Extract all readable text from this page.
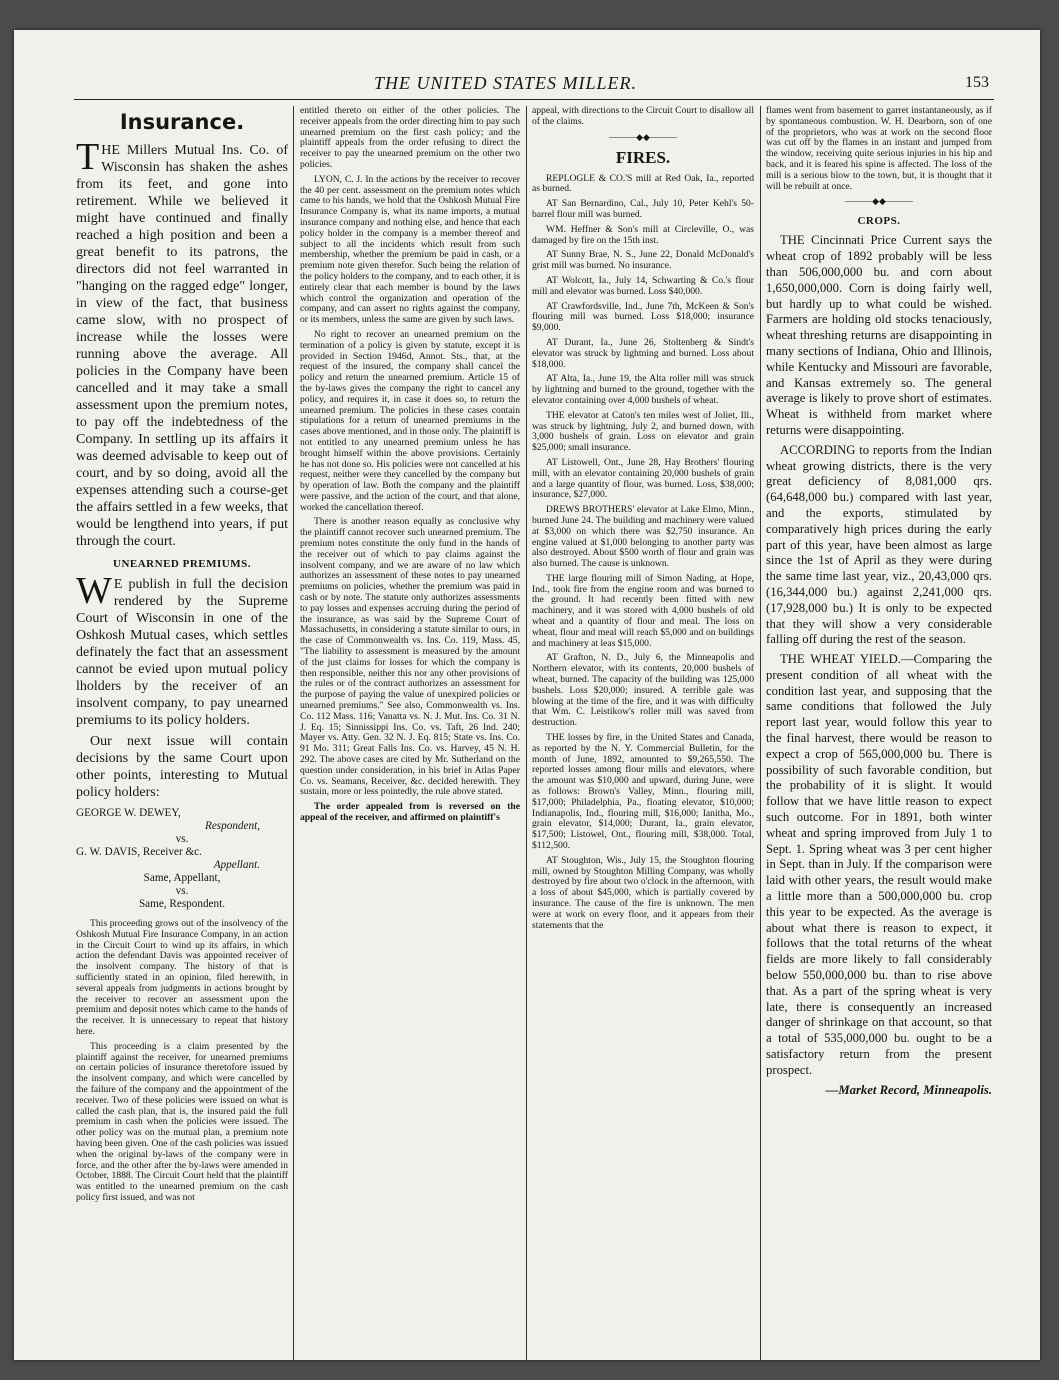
THE UNITED STATES MILLER.	153
Insurance.

THE Millers Mutual Ins. Co. of Wisconsin has shaken the ashes from its feet, and gone into retirement. While we believed it might have continued and finally reached a high position and been a great benefit to its patrons, the directors did not feel warranted in "hanging on the ragged edge" longer, in view of the fact, that business came slow, with no prospect of increase while the losses were running above the average. All policies in the Company have been cancelled and it may take a small assessment upon the premium notes, to pay off the indebtedness of the Company. In settling up its affairs it was deemed advisable to keep out of court, and by so doing, avoid all the expenses attending such a course-get the affairs settled in a few weeks, that would be lengthend into years, if put through the court.

UNEARNED PREMIUMS.

W E publish in full the decision rendered by the Supreme Court of Wisconsin in one of the Oshkosh Mutual cases, which settles definately the fact that an assessment cannot be evied upon mutual policy lholders by the receiver of an insolvent company, to pay unearned premiums to its policy holders.

Our next issue will contain decisions by the same Court upon other points, interesting to Mutual policy holders:

GEORGE W. DEWEY,
Respondent,
vs.
G. W. DAVIS, Receiver &c.
Appellant.
Same, Appellant,
vs.
Same, Respondent.

This proceeding grows out of the insolvency of the Oshkosh Mutual Fire Insurance Company, in an action in the Circuit Court to wind up its affairs, in which action the defendant Davis was appointed receiver of the insolvent company. The history of that is sufficiently stated in an opinion, filed herewith, in several appeals from judgments in actions brought by the receiver to recover an assessment upon the premium and deposit notes which came to the hands of the receiver. It is unnecessary to repeat that history here.

This proceeding is a claim presented by the plaintiff against the receiver, for unearned premiums on certain policies of insurance theretofore issued by the insolvent company, and which were cancelled by the failure of the company and the appointment of the receiver. Two of these policies were issued on what is called the cash plan, that is, the insured paid the full premium in cash when the policies were issued. The other policy was on the mutual plan, a premium note having been given. One of the cash policies was issued when the original by-laws of the company were in force, and the other after the by-laws were amended in October, 1888. The Circuit Court held that the plaintiff was entitled to the unearned premium on the cash policy first issued, and was not

entitled thereto on either of the other policies. The receiver appeals from the order directing him to pay such unearned premium on the first cash policy; and the plaintiff appeals from the order refusing to direct the receiver to pay the unearned premium on the other two policies.

LYON, C. J. In the actions by the receiver to recover the 40 per cent. assessment on the premium notes which came to his hands, we hold that the Oshkosh Mutual Fire Insurance Company is, what its name imports, a mutual insurance company and nothing else, and hence that each policy holder in the company is a member thereof and subject to all the incidents which result from such membership, whether the premium be paid in cash, or a premium note given therefor. Such being the relation of the policy holders to the company, and to each other, it is entirely clear that each member is bound by the laws which control the organization and operation of the company, and can assert no rights against the company, or its members, unless the same are given by such laws.

No right to recover an unearned premium on the termination of a policy is given by statute, except it is provided in Section 1946d, Annot. Sts., that, at the request of the insured, the company shall cancel the policy and return the unearned premium. Article 15 of the by-laws gives the company the right to cancel any policy, and requires it, in case it does so, to return the unearned premium. The policies in these cases contain stipulations for a return of unearned premiums in the cases above mentioned, and in those only. The plaintiff is not entitled to any unearned premium unless he has brought himself within the above provisions. Certainly he has not done so. His policies were not cancelled at his request, neither were they cancelled by the company but by operation of law. Both the company and the plaintiff were passive, and the action of the court, and that alone, worked the cancellation thereof.

There is another reason equally as conclusive why the plaintiff cannot recover such unearned premium. The premium notes constitute the only fund in the hands of the receiver out of which to pay claims against the insolvent company, and we are aware of no law which authorizes an assessment of these notes to pay unearned premiums on policies, whether the premium was paid in cash or by note. The statute only authorizes assessments to pay losses and expenses accruing during the period of the insurance, as was said by the Supreme Court of Massachusetts, in considering a statute similar to ours, in the case of Commonwealth vs. Ins. Co. 119, Mass. 45, "The liability to assessment is measured by the amount of the just claims for losses for which the company is then responsible, neither this nor any other provisions of the rules or of the contract authorizes an assessment for the purpose of paying the value of unexpired policies or unearned premiums." See also, Commonwealth vs. Ins. Co. 112 Mass. 116; Vanatta vs. N. J. Mut. Ins. Co. 31 N. J. Eq. 15; Sinnissippi Ins. Co. vs. Taft, 26 Ind. 240; Mayer vs. Atty. Gen. 32 N. J. Eq. 815; State vs. Ins. Co. 91 Mo. 311; Great Falls Ins. Co. vs. Harvey, 45 N. H. 292. The above cases are cited by Mr. Sutherland on the question under consideration, in his brief in Atlas Paper Co. vs. Seamans, Receiver, &c. decided herewith. They sustain, more or less pointedly, the rule above stated.

The order appealed from is reversed on the appeal of the receiver, and affirmed on plaintiff's

appeal, with directions to the Circuit Court to disallow all of the claims.

———◆◆———
FIRES.

REPLOGLE & CO.'S mill at Red Oak, Ia., reported as burned.

AT San Bernardino, Cal., July 10, Peter Kehl's 50-barrel flour mill was burned.

WM. Heffner & Son's mill at Circleville, O., was damaged by fire on the 15th inst.

AT Sunny Brae, N. S., June 22, Donald McDonald's grist mill was burned. No insurance.

AT Wolcott, Ia., July 14, Schwarting & Co.'s flour mill and elevator was burned. Loss $40,000.

AT Crawfordsville, Ind., June 7th, McKeen & Son's flouring mill was burned. Loss $18,000; insurance $9,000.

AT Durant, Ia., June 26, Stoltenberg & Sindt's elevator was struck by lightning and burned. Loss about $18,000.

AT Alta, Ia., June 19, the Alta roller mill was struck by lightning and burned to the ground, together with the elevator containing over 4,000 bushels of wheat.

THE elevator at Caton's ten miles west of Joliet, Ill., was struck by lightning, July 2, and burned down, with 3,000 bushels of grain. Loss on elevator and grain $25,000; small insurance.

AT Listowell, Ont., June 28, Hay Brothers' flouring mill, with an elevator containing 20,000 bushels of grain and a large quantity of flour, was burned. Loss, $38,000; insurance, $27,000.

DREWS BROTHERS' elevator at Lake Elmo, Minn., burned June 24. The building and machinery were valued at $3,000 on which there was $2,750 insurance. An engine valued at $1,000 belonging to another party was also destroyed. About $500 worth of flour and grain was also burned. The cause is unknown.

THE large flouring mill of Simon Nading, at Hope, Ind., took fire from the engine room and was burned to the ground. It had recently been fitted with new machinery, and it was stored with 4,000 bushels of old wheat and a quantity of flour and meal. The loss on wheat, flour and meal will reach $5,000 and on buildings and machinery at leas $15,000.

AT Grafton, N. D., July 6, the Minneapolis and Northern elevator, with its contents, 20,000 bushels of wheat, burned. The capacity of the building was 125,000 bushels. Loss $20,000; insured. A terrible gale was blowing at the time of the fire, and it was with difficulty that Wm. C. Leistikow's roller mill was saved from destruction.

THE losses by fire, in the United States and Canada, as reported by the N. Y. Commercial Bulletin, for the month of June, 1892, amounted to $9,265,550. The reported losses among flour mills and elevators, where the amount was $10,000 and upward, during June, were as follows: Brown's Valley, Minn., flouring mill, $17,000; Philadelphia, Pa., floating elevator, $10,000; Indianapolis, Ind., flouring mill, $16,000; Ianitha, Mo., grain elevator, $14,000; Durant, Ia., grain elevator, $17,500; Listowel, Ont., flouring mill, $38,000. Total, $112,500.

AT Stoughton, Wis., July 15, the Stoughton flouring mill, owned by Stoughton Milling Company, was wholly destroyed by fire about two o'clock in the afternoon, with a loss of about $45,000, which is partially covered by insurance. The cause of the fire is unknown. The men were at work on every floor, and it appears from their statements that the

flames went from basement to garret instantaneously, as if by spontaneous combustion. W. H. Dearborn, son of one of the proprietors, who was at work on the second floor was cut off by the flames in an instant and jumped from the window, receiving quite serious injuries in his hip and back, and it is feared his spine is affected. The loss of the mill is a serious blow to the town, but, it is thought that it will be rebuilt at once.

———◆◆———
CROPS.

THE Cincinnati Price Current says the wheat crop of 1892 probably will be less than 506,000,000 bu. and corn about 1,650,000,000. Corn is doing fairly well, but hardly up to what could be wished. Farmers are holding old stocks tenaciously, wheat threshing returns are disappointing in many sections of Indiana, Ohio and Illinois, while Kentucky and Missouri are favorable, and Kansas extremely so. The general average is likely to prove short of estimates. Wheat is withheld from market where returns were disappointing.

ACCORDING to reports from the Indian wheat growing districts, there is the very great deficiency of 8,081,000 qrs. (64,648,000 bu.) compared with last year, and the exports, stimulated by comparatively high prices during the early part of this year, have been almost as large since the 1st of April as they were during the same time last year, viz., 20,43,000 qrs. (16,344,000 bu.) against 2,241,000 qrs. (17,928,000 bu.) It is only to be expected that they will show a very considerable falling off during the rest of the season.

THE WHEAT YIELD.—Comparing the present condition of all wheat with the condition last year, and supposing that the same conditions that followed the July report last year, would follow this year to the final harvest, there would be reason to expect a crop of 565,000,000 bu. There is possibility of such favorable condition, but the probability of it is slight. It would follow that we have little reason to expect such outcome. For in 1891, both winter wheat and spring improved from July 1 to Sept. 1. Spring wheat was 3 per cent higher in Sept. than in July. If the comparison were laid with other years, the result would make a little more than a 500,000,000 bu. crop this year to be expected. As the average is about what there is reason to expect, it follows that the total returns of the wheat fields are more likely to fall considerably below 550,000,000 bu. than to rise above that. As a part of the spring wheat is very late, there is consequently an increased danger of shrinkage on that account, so that a total of 535,000,000 bu. ought to be a satisfactory return from the present prospect.

—Market Record, Minneapolis.
